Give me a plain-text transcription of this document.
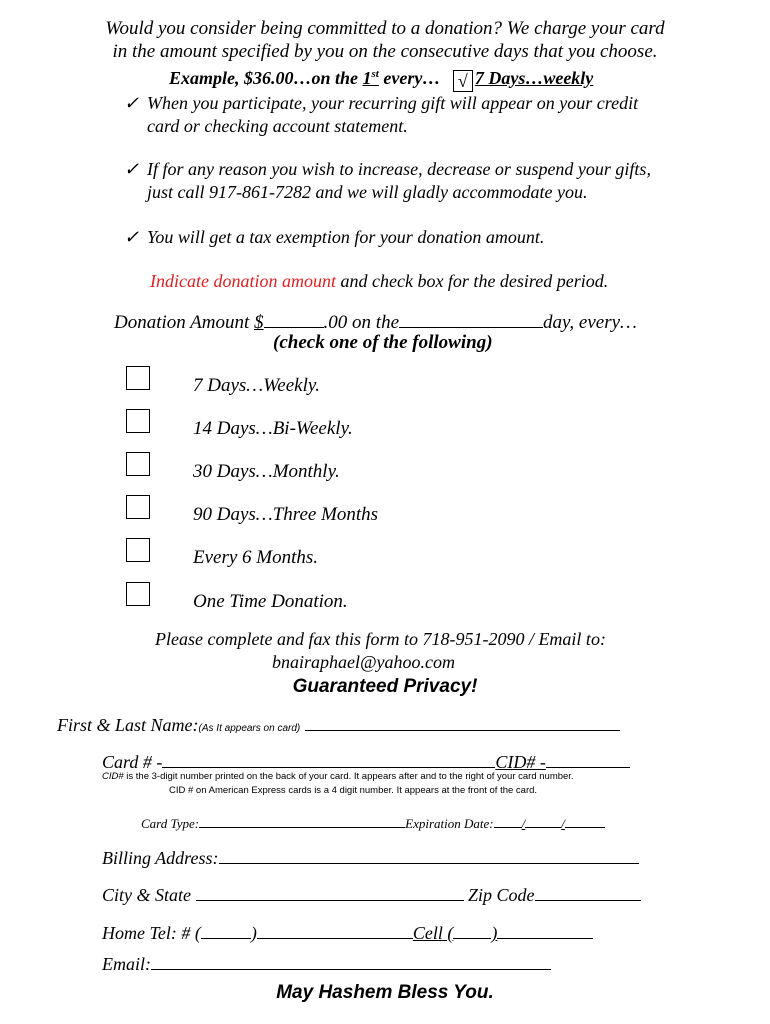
Would you consider being committed to a donation? We charge your card
in the amount specified by you on the consecutive days that you choose.
Example, $36.00…on the 1st every… √ 7 Days…weekly
✓ When you participate, your recurring gift will appear on your credit
card or checking account statement.
✓ If for any reason you wish to increase, decrease or suspend your gifts,
just call 917-861-7282 and we will gladly accommodate you.
✓ You will get a tax exemption for your donation amount.
Indicate donation amount and check box for the desired period.
Donation Amount $	.00 on the	day, every…
(check one of the following)
7 Days…Weekly.
14 Days…Bi-Weekly.
30 Days…Monthly.
90 Days…Three Months
Every 6 Months.
One Time Donation.
Please complete and fax this form to 718-951-2090 / Email to:
bnairaphael@yahoo.com
Guaranteed Privacy!
First & Last Name:(As It appears on card)
Card # -	CID# -
CID# is the 3-digit number printed on the back of your card. It appears after and to the right of your card number.
CID # on American Express cards is a 4 digit number. It appears at the front of the card.
Card Type:	Expiration Date: /	/
Billing Address:
City & State	Zip Code
Home Tel: # (	)	Cell ( )
Email:
May Hashem Bless You.
